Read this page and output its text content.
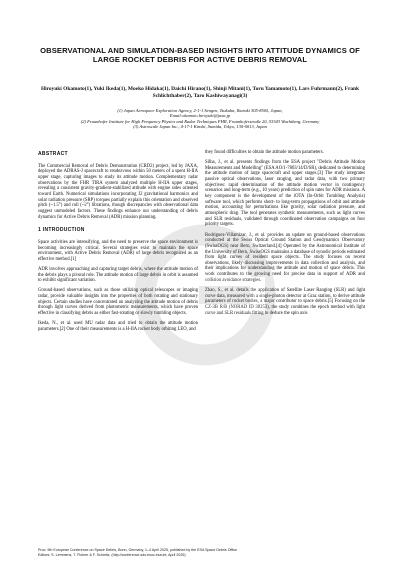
OBSERVATIONAL AND SIMULATION-BASED INSIGHTS INTO ATTITUDE DYNAMICS OF LARGE ROCKET DEBRIS FOR ACTIVE DEBRIS REMOVAL
Hiroyuki Okamoto(1), Yuki Ikeda(1), Moeko Hidaka(1), Daichi Hirano(1), Shinji Mitani(1), Toru Yamamoto(1), Lars Fuhrmann(2), Frank Schlichthaber(2), Taro Kashiwayanagi(3)
(1) Japan Aerospace Exploration Agency, 2-1-1 Sengen, Tsukuba, Ibaraki 305-8505, Japan,
Email:okamoto.hiroyuki@jaxa.jp
(2) Fraunhofer Institute for High Frequency Physics and Radar Techniques FHR, Fraunhoferstraße 20, 53343 Wachtberg, Germany
(3) Astroscale Japan Inc., 4-17-1 Kinshi, Sumida, Tokyo, 130-0013, Japan
ABSTRACT

The Commercial Removal of Debris Demonstration (CRD2) project, led by JAXA, deployed the ADRAS-J spacecraft to rendezvous within 50 meters of a spent H-IIA upper stage, capturing images to study its attitude motion. Complementary radar observations by the FHR TIRA system analyzed multiple H-IIA upper stages, revealing a consistent gravity-gradient-stabilized attitude with engine sides oriented toward Earth. Numerical simulations incorporating J2 gravitational harmonics and solar radiation pressure (SRP) torques partially explain this orientation and observed pitch (~1.5°) and roll (~2°) librations, though discrepancies with observational data suggest unmodeled factors. These findings enhance our understanding of debris dynamics for Active Debris Removal (ADR) mission planning.

1 INTRODUCTION

Space activities are intensifying, and the need to preserve the space environment is becoming increasingly critical. Several strategies exist to maintain the space environment, with Active Debris Removal (ADR) of large debris recognized as an effective method.[1]

ADR involves approaching and capturing target debris, where the attitude motion of the debris plays a pivotal role. The attitude motion of large debris in orbit is assumed to exhibit significant variation.

Ground-based observations, such as those utilizing optical telescopes or imaging radar, provide valuable insights into the properties of both rotating and stationary objects. Certain studies have concentrated on analyzing the attitude motion of debris through light curves derived from photometric measurements, which have proven effective in classifying debris as either fast-rotating or slowly tumbling objects.

Ikeda, N., et al. used MU radar data and tried to obtain the attitude motion parameters.[2] One of their measurements is a H-IIA rocket body orbiting LEO, and

they found difficulties to obtain the attitude motion parameters.

Silha, J., et al. presents findings from the ESA project "Debris Attitude Motion Measurements and Modelling" (ESA AO/1-7803/14/D/SR), dedicated to determining the attitude motion of large spacecraft and upper stages.[3] The study integrates passive optical observations, laser ranging, and radar data, with two primary objectives: rapid determination of the attitude motion vector in contingency scenarios and long-term (e.g., 10 years) prediction of spin rates for ADR missions. A key component is the development of the iOTA (In-Orbit Tumbling Analysis) software tool, which performs short- to long-term propagations of orbit and attitude motion, accounting for perturbations like gravity, solar radiation pressure, and atmospheric drag. The tool generates synthetic measurements, such as light curves and SLR residuals, validated through coordinated observation campaigns on four priority targets.

Rodriguez-Villamizar, J., et al. provides an update on ground-based observations conducted at the Swiss Optical Ground Station and Geodynamics Observatory (SwissOGS) near Bern, Switzerland.[4] Operated by the Astronomical Institute of the University of Bern, SwissOGS maintains a database of synodic periods estimated from light curves of resident space objects. The study focuses on recent observations, likely discussing improvements in data collection and analysis, and their implications for understanding the attitude and motion of space debris. This work contributes to the growing need for precise data in support of ADR and collision avoidance strategies.

Zhao, S., et al. details the application of Satellite Laser Ranging (SLR) and light curve data, measured with a single-photon detector at Graz station, to derive attitude parameters of rocket bodies, a major contributor to space debris.[5] Focusing on the CZ-3B R/B (NORAD ID 38253), the study combines the epoch method with light curve and SLR residuals fitting to deduce the spin axis

Proc. 9th European Conference on Space Debris, Bonn, Germany, 1–4 April 2025, published by the ESA Space Debris Office
Editors: S. Lemmens, T. Flohrer & F. Schmitz, (http://conference.sdo.esoc.esa.int, April 2025)
